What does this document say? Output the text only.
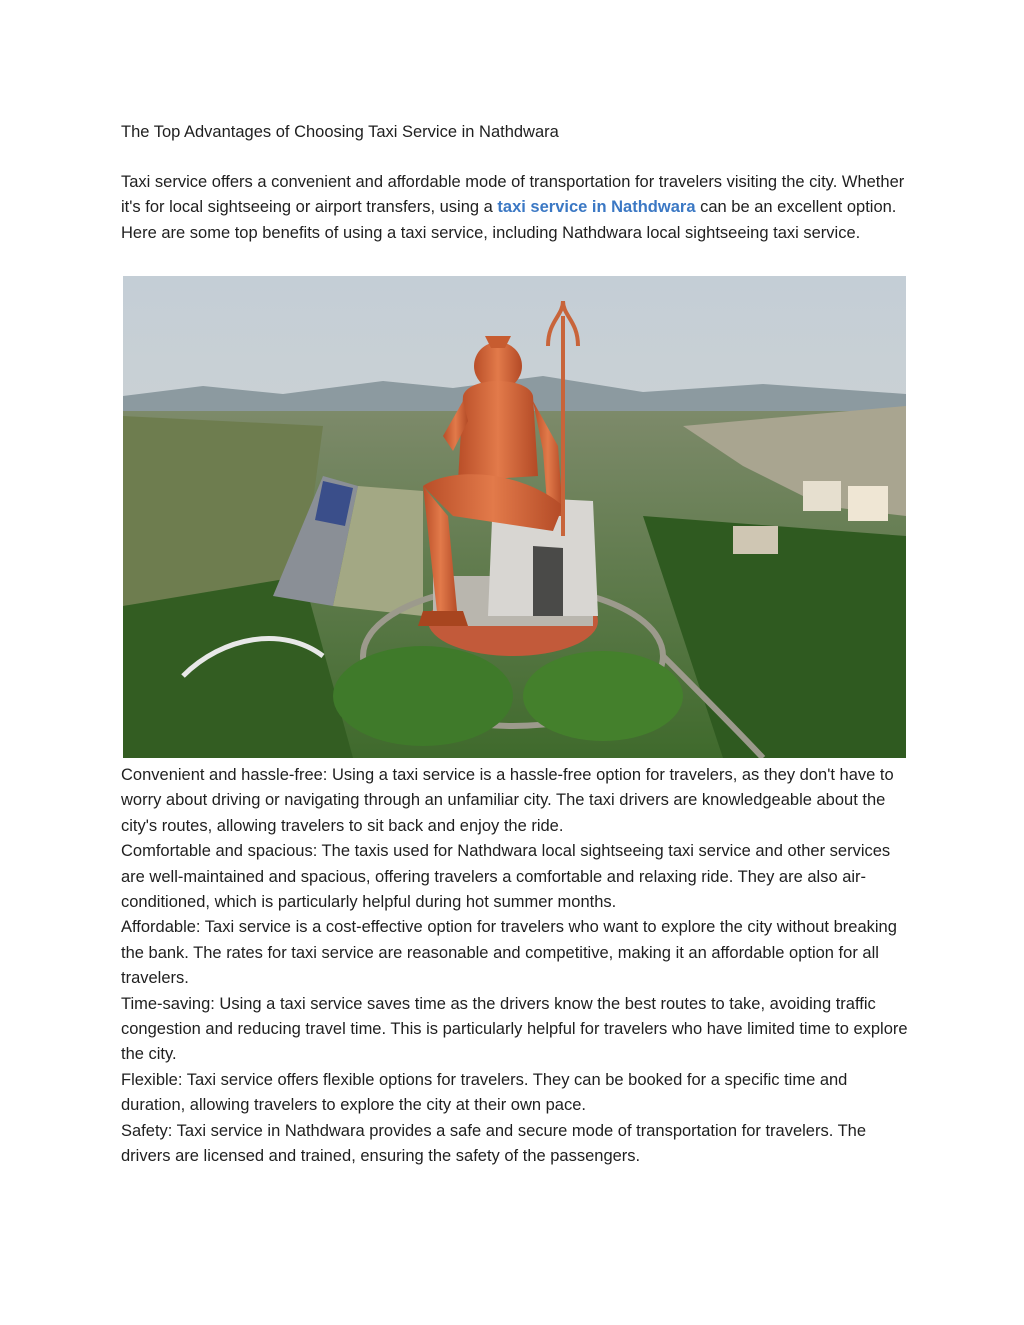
The Top Advantages of Choosing Taxi Service in Nathdwara
Taxi service offers a convenient and affordable mode of transportation for travelers visiting the city. Whether it's for local sightseeing or airport transfers, using a taxi service in Nathdwara can be an excellent option. Here are some top benefits of using a taxi service, including Nathdwara local sightseeing taxi service.

Convenient and hassle-free: Using a taxi service is a hassle-free option for travelers, as they don't have to worry about driving or navigating through an unfamiliar city. The taxi drivers are knowledgeable about the city's routes, allowing travelers to sit back and enjoy the ride.

Comfortable and spacious: The taxis used for Nathdwara local sightseeing taxi service and other services are well-maintained and spacious, offering travelers a comfortable and relaxing ride. They are also air-conditioned, which is particularly helpful during hot summer months.

Affordable: Taxi service is a cost-effective option for travelers who want to explore the city without breaking the bank. The rates for taxi service are reasonable and competitive, making it an affordable option for all travelers.

Time-saving: Using a taxi service saves time as the drivers know the best routes to take, avoiding traffic congestion and reducing travel time. This is particularly helpful for travelers who have limited time to explore the city.

Flexible: Taxi service offers flexible options for travelers. They can be booked for a specific time and duration, allowing travelers to explore the city at their own pace.

Safety: Taxi service in Nathdwara provides a safe and secure mode of transportation for travelers. The drivers are licensed and trained, ensuring the safety of the passengers.
